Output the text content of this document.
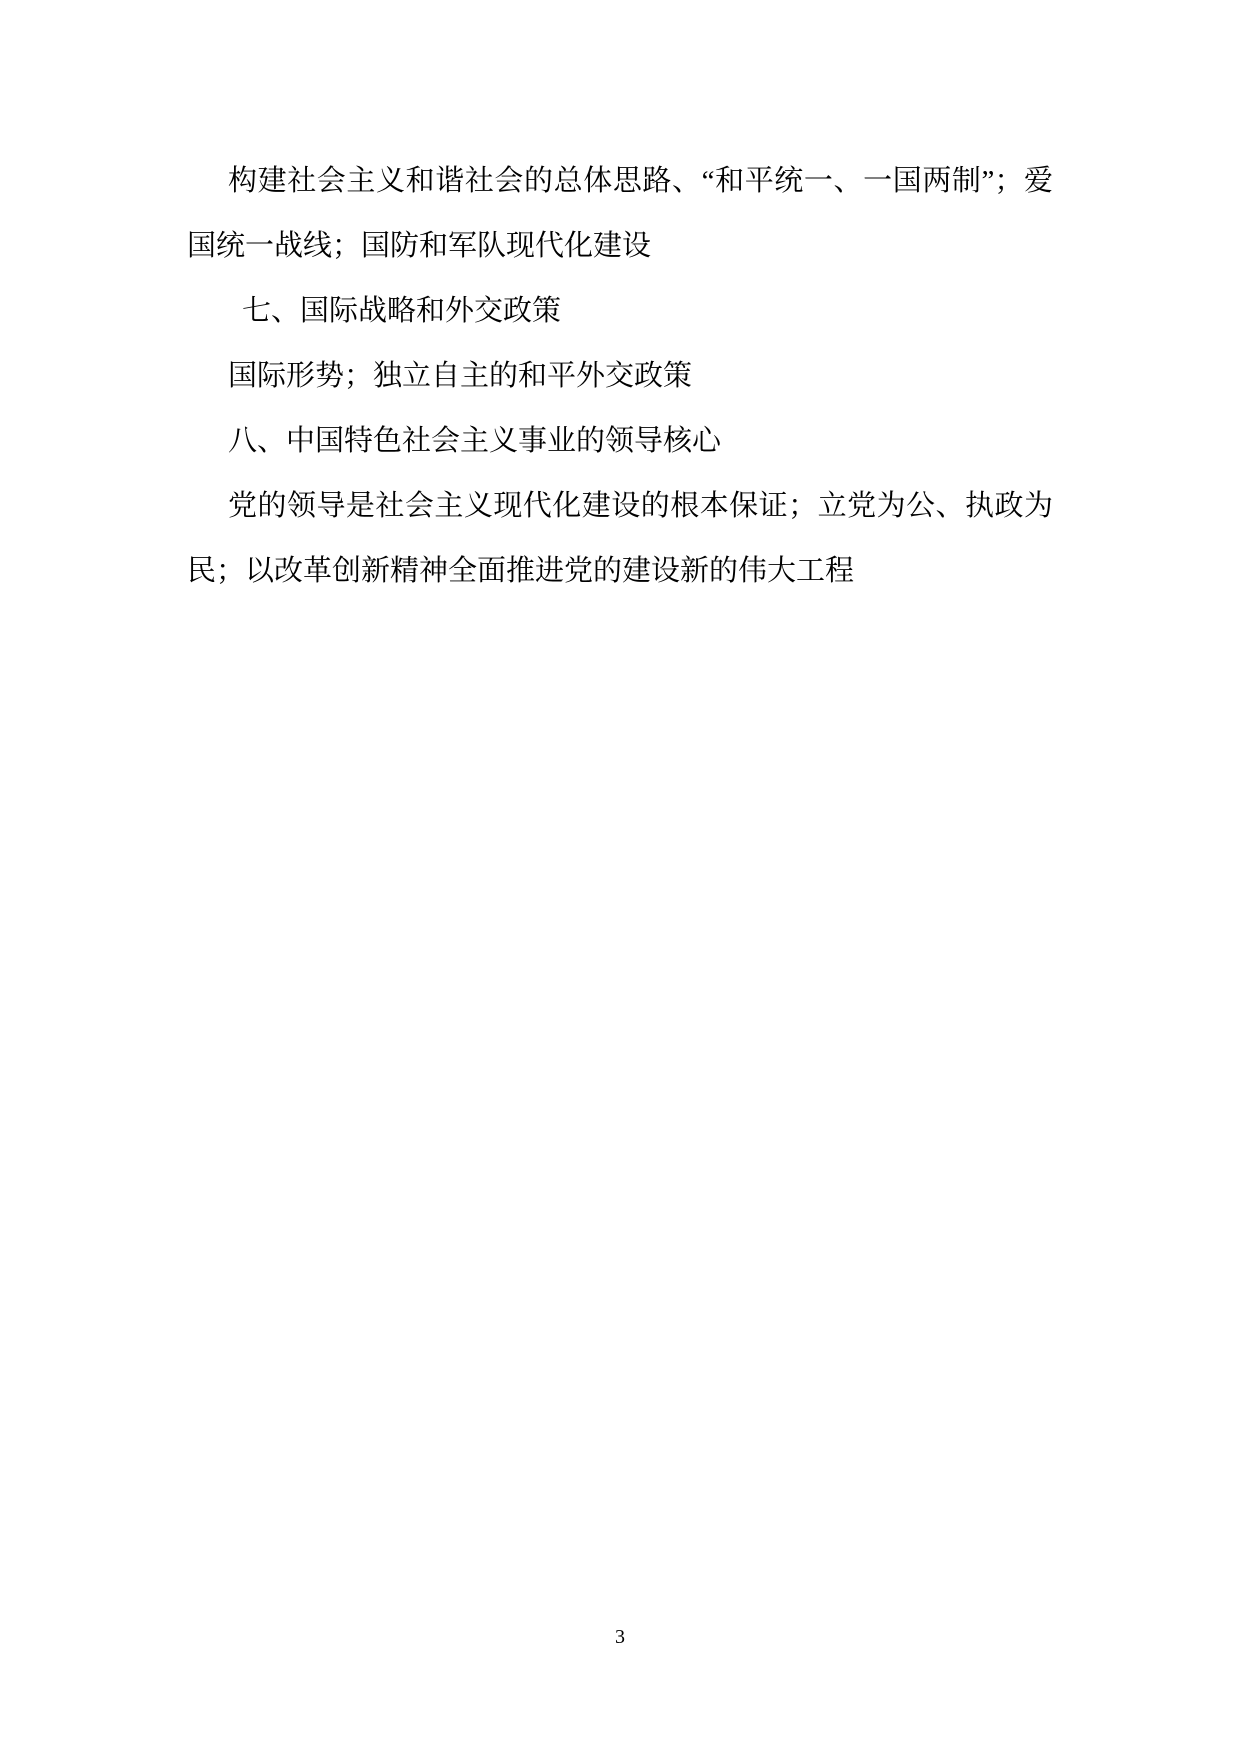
构建社会主义和谐社会的总体思路、“和平统一、一国两制”；爱

国统一战线；国防和军队现代化建设

七、国际战略和外交政策

国际形势；独立自主的和平外交政策

八、中国特色社会主义事业的领导核心

党的领导是社会主义现代化建设的根本保证；立党为公、执政为

民；以改革创新精神全面推进党的建设新的伟大工程

3
